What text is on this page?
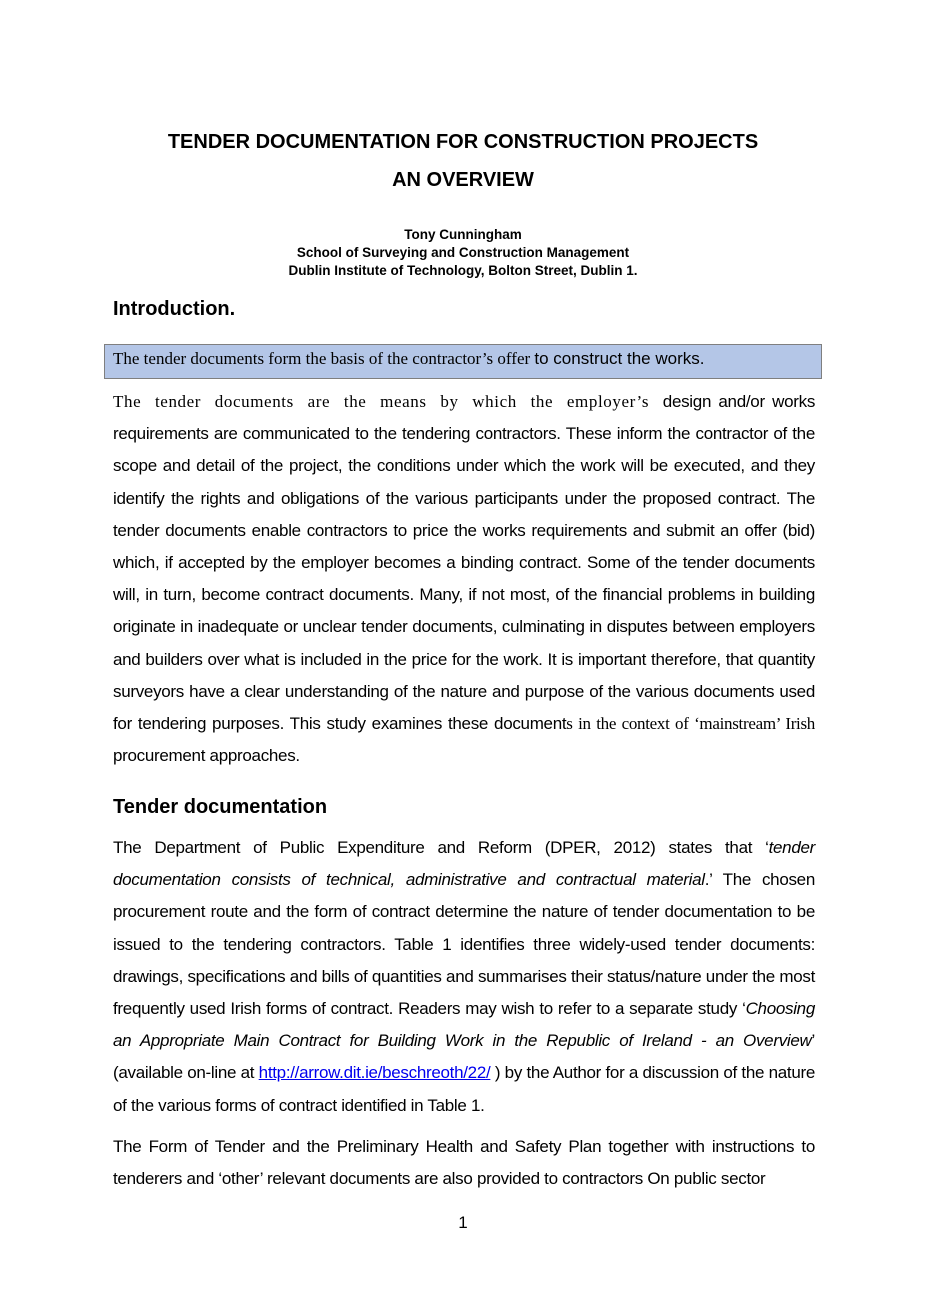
TENDER DOCUMENTATION FOR CONSTRUCTION PROJECTS
AN OVERVIEW
Tony Cunningham
School of Surveying and Construction Management
Dublin Institute of Technology, Bolton Street, Dublin 1.
Introduction.
The tender documents form the basis of the contractor’s offer to construct the works.

The tender documents are the means by which the employer’s design and/or works requirements are communicated to the tendering contractors. These inform the contractor of the scope and detail of the project, the conditions under which the work will be executed, and they identify the rights and obligations of the various participants under the proposed contract. The tender documents enable contractors to price the works requirements and submit an offer (bid) which, if accepted by the employer becomes a binding contract. Some of the tender documents will, in turn, become contract documents. Many, if not most, of the financial problems in building originate in inadequate or unclear tender documents, culminating in disputes between employers and builders over what is included in the price for the work. It is important therefore, that quantity surveyors have a clear understanding of the nature and purpose of the various documents used for tendering purposes. This study examines these documents in the context of ‘mainstream’ Irish procurement approaches.

Tender documentation

The Department of Public Expenditure and Reform (DPER, 2012) states that ‘tender documentation consists of technical, administrative and contractual material.’ The chosen procurement route and the form of contract determine the nature of tender documentation to be issued to the tendering contractors. Table 1 identifies three widely-used tender documents: drawings, specifications and bills of quantities and summarises their status/nature under the most frequently used Irish forms of contract. Readers may wish to refer to a separate study ‘Choosing an Appropriate Main Contract for Building Work in the Republic of Ireland - an Overview’ (available on-line at http://arrow.dit.ie/beschreoth/22/ ) by the Author for a discussion of the nature of the various forms of contract identified in Table 1.

The Form of Tender and the Preliminary Health and Safety Plan together with instructions to tenderers and ‘other’ relevant documents are also provided to contractors On public sector

1
